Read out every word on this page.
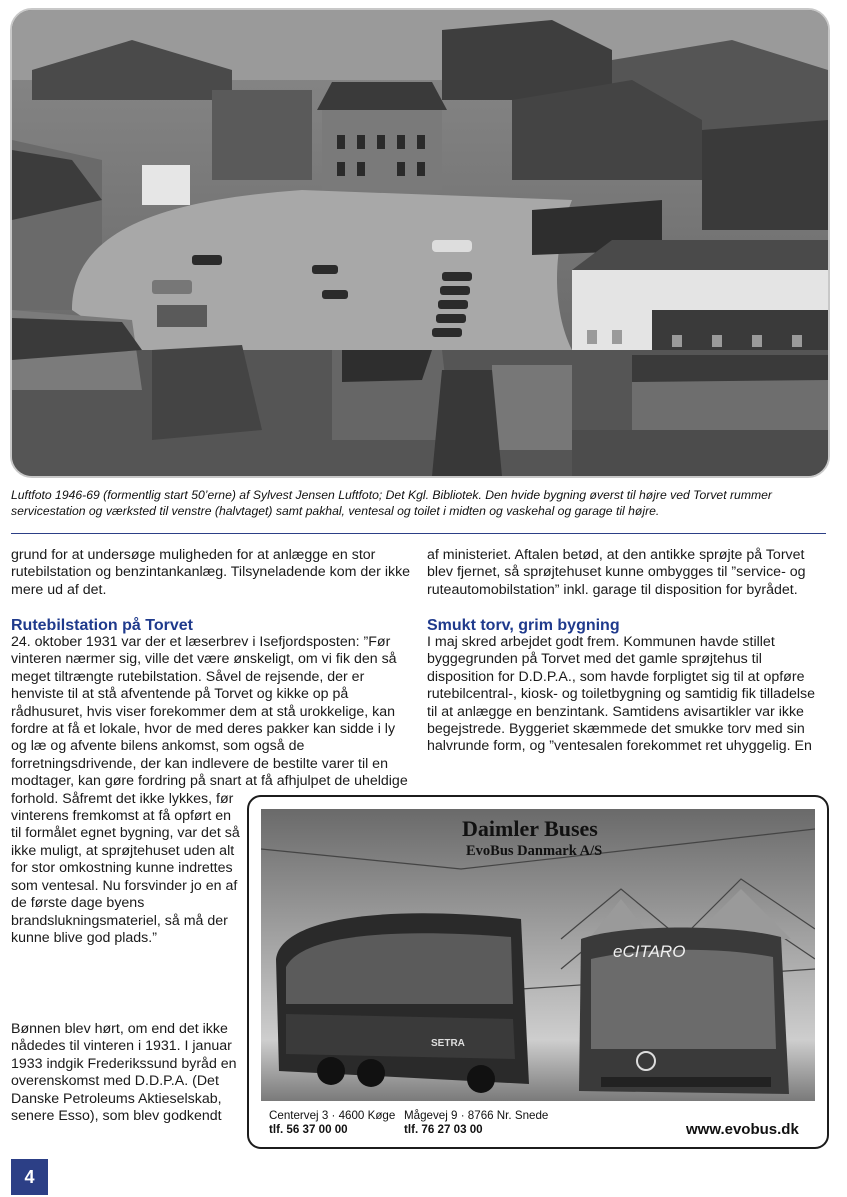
Luftfoto 1946-69 (formentlig start 50’erne) af Sylvest Jensen Luftfoto; Det Kgl. Bibliotek. Den hvide bygning øverst til højre ved Torvet rummer servicestation og værksted til venstre (halvtaget) samt pakhal, ventesal og toilet i midten og vaskehal og garage til højre.

grund for at undersøge muligheden for at anlægge en stor rutebilstation og benzintankanlæg. Tilsyneladende kom der ikke mere ud af det.

Rutebilstation på Torvet

24. oktober 1931 var der et læserbrev i Isefjordsposten: ”Før vinteren nærmer sig, ville det være ønskeligt, om vi fik den så meget tiltrængte rutebilstation. Såvel de rejsende, der er henviste til at stå afventende på Torvet og kikke op på rådhusuret, hvis viser forekommer dem at stå urokkelige, kan fordre at få et lokale, hvor de med deres pakker kan sidde i ly og læ og afvente bilens ankomst, som også de forretningsdrivende, der kan indlevere de bestilte varer til en modtager, kan gøre fordring på snart at få afhjulpet de uheldige

forhold. Såfremt det ikke lykkes, før vinterens fremkomst at få opført en til formålet egnet bygning, var det så ikke muligt, at sprøjtehuset uden alt for stor omkostning kunne indrettes som ventesal. Nu forsvinder jo en af de første dage byens brandslukningsmateriel, så må der kunne blive god plads.”

Bønnen blev hørt, om end det ikke nådedes til vinteren i 1931. I januar 1933 indgik Frederikssund byråd en overenskomst med D.D.P.A. (Det Danske Petroleums Aktieselskab, senere Esso), som blev godkendt

af ministeriet. Aftalen betød, at den antikke sprøjte på Torvet blev fjernet, så sprøjtehuset kunne ombygges til ”service- og ruteautomobilstation” inkl. garage til disposition for byrådet.

Smukt torv, grim bygning

I maj skred arbejdet godt frem. Kommunen havde stillet byggegrunden på Torvet med det gamle sprøjtehus til disposition for D.D.P.A., som havde forpligtet sig til at opføre rutebilcentral-, kiosk- og toiletbygning og samtidig fik tilladelse til at anlægge en benzintank. Samtidens avisartikler var ikke begejstrede. Byggeriet skæmmede det smukke torv med sin halvrunde form, og ”ventesalen forekommet ret uhyggelig. En

SETRA
eCITARO
Daimler Buses
EvoBus Danmark A/S
Centervej 3 · 4600 Køge
tlf. 56 37 00 00
Mågevej 9 · 8766 Nr. Snede
tlf. 76 27 03 00	www.evobus.dk
4
